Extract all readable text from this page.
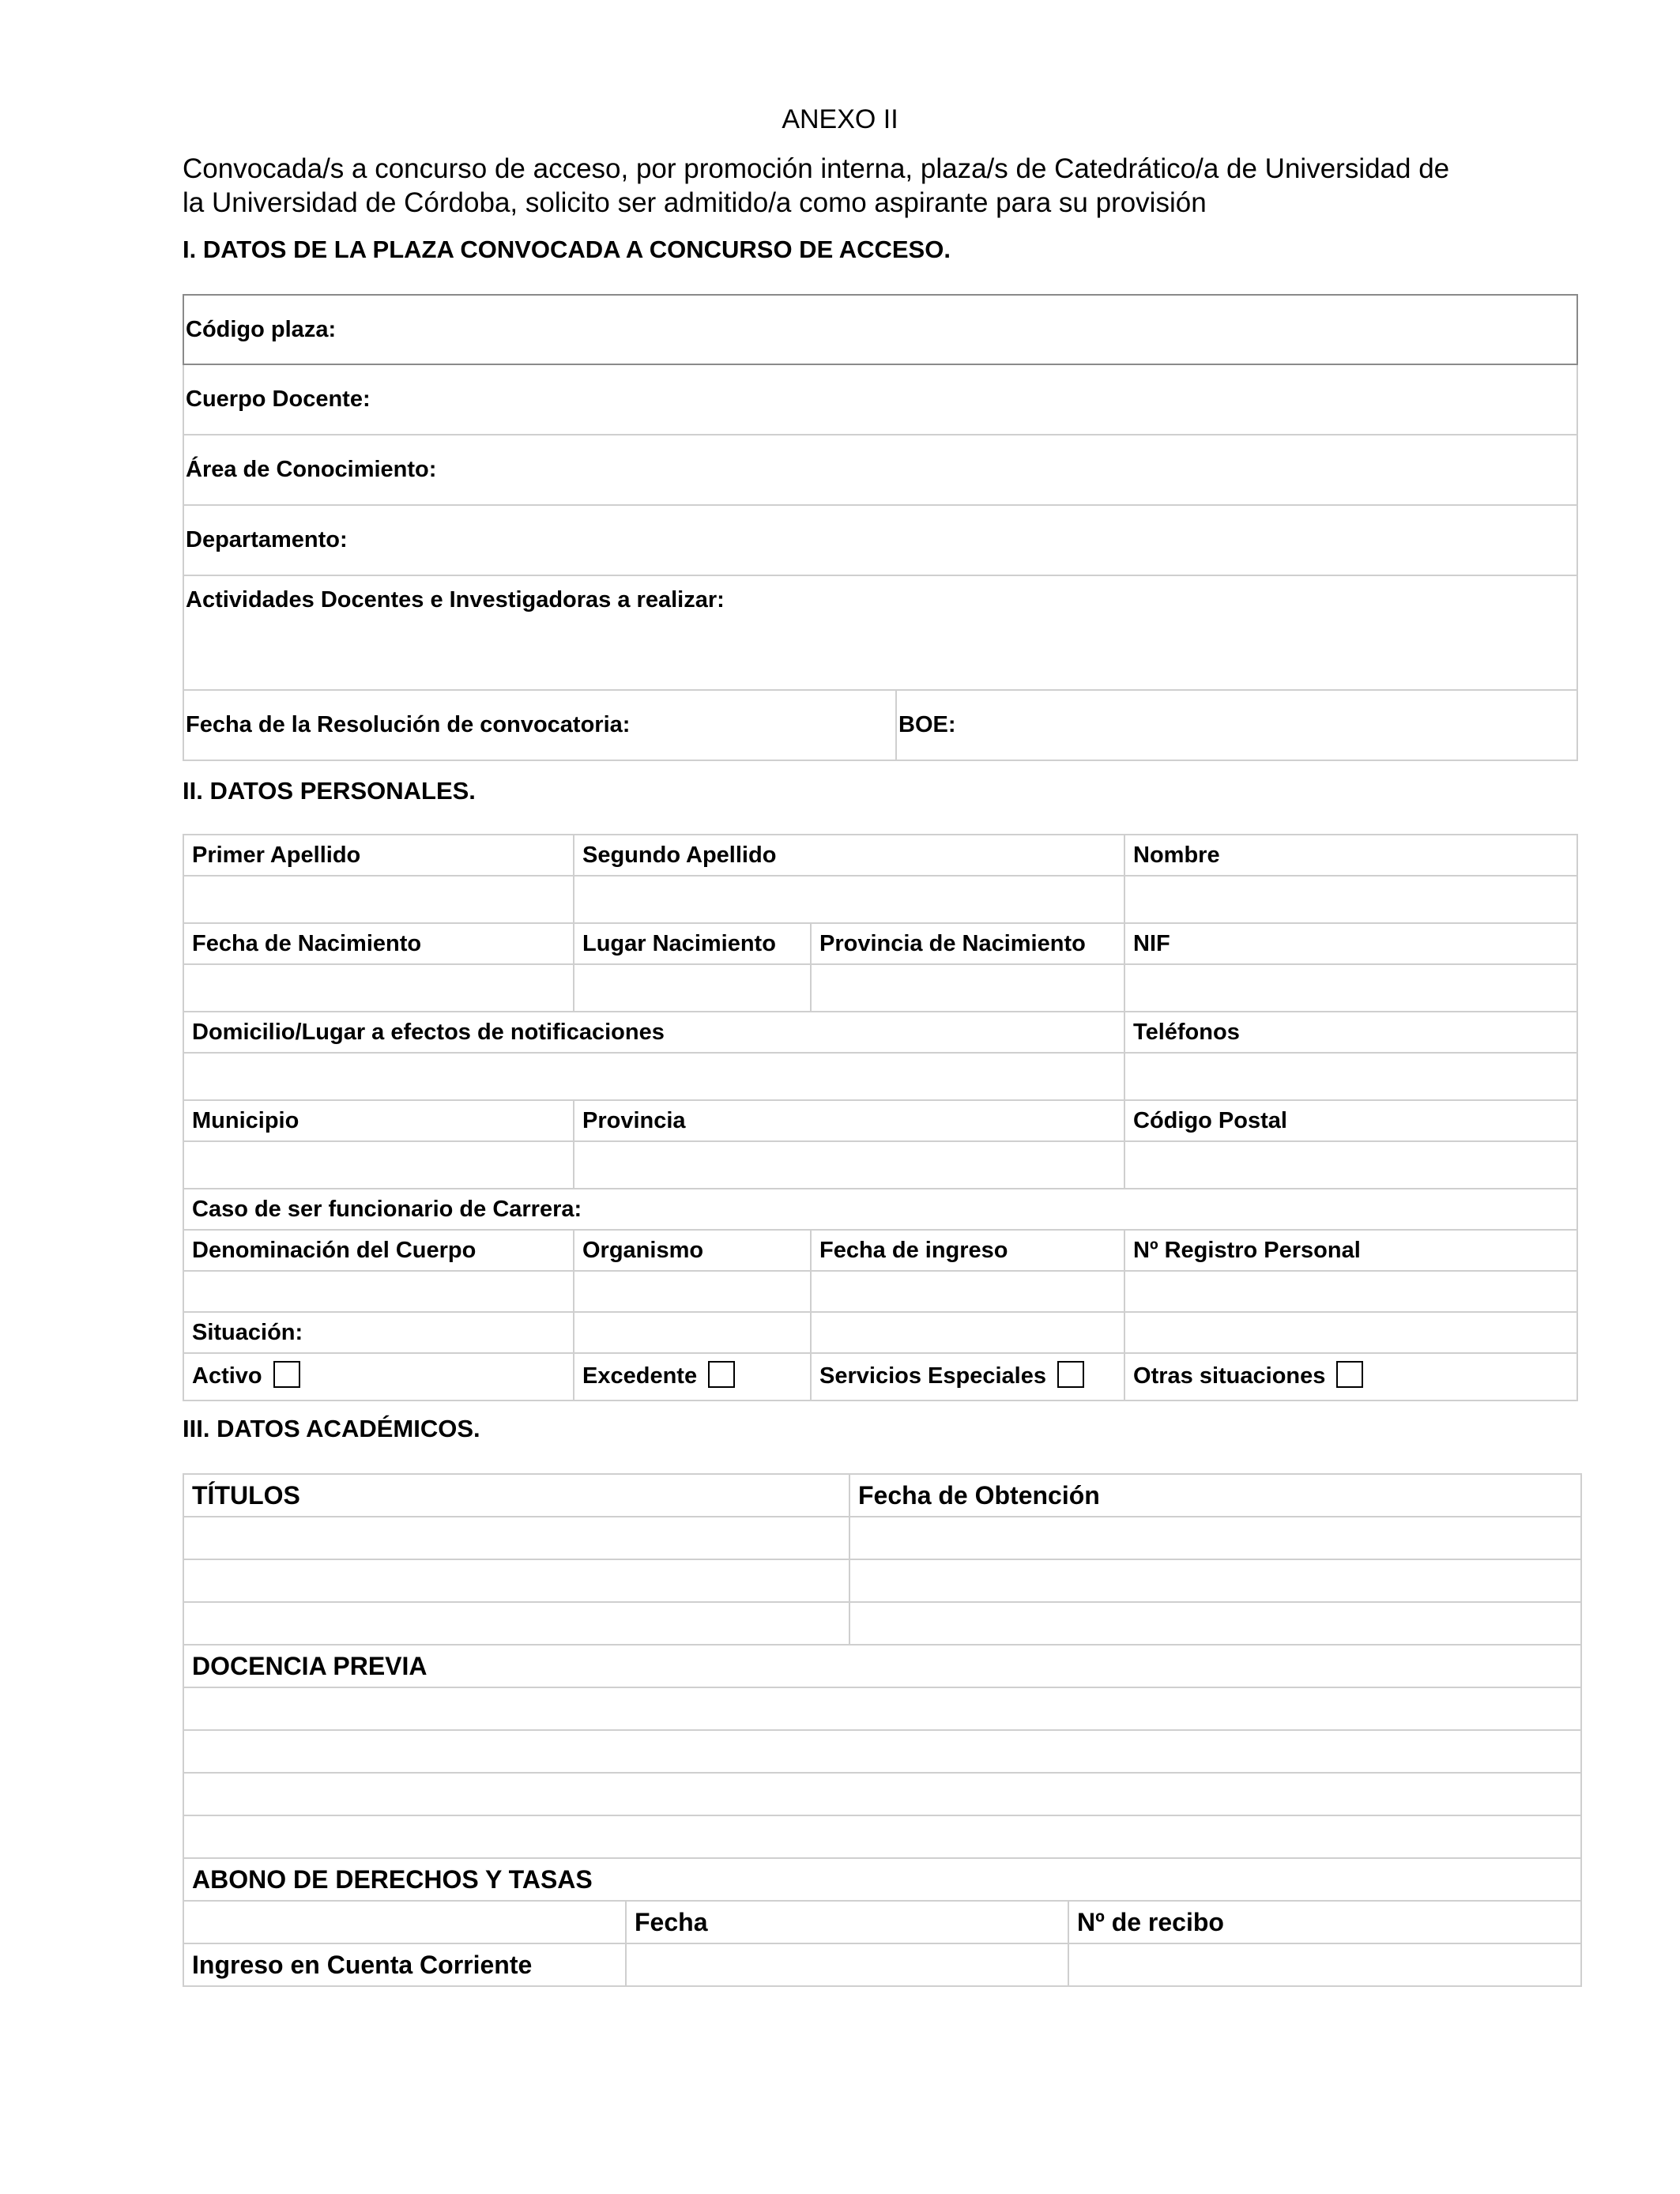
ANEXO II
Convocada/s a concurso de acceso, por promoción interna, plaza/s de Catedrático/a de Universidad de
la Universidad de Córdoba, solicito ser admitido/a como aspirante para su provisión
I. DATOS DE LA PLAZA CONVOCADA A CONCURSO DE ACCESO.
Código plaza:
Cuerpo Docente:
Área de Conocimiento:
Departamento:
Actividades Docentes e Investigadoras a realizar:
Fecha de la Resolución de convocatoria:	BOE:
II. DATOS PERSONALES.
Primer Apellido	Segundo Apellido		Nombre

Fecha de Nacimiento	Lugar Nacimiento	Provincia de Nacimiento	NIF

Domicilio/Lugar a efectos de notificaciones			Teléfonos

Municipio	Provincia		Código Postal

Caso de ser funcionario de Carrera:			
Denominación del Cuerpo	Organismo	Fecha de ingreso	Nº Registro Personal

Situación:			
Activo	Excedente	Servicios Especiales	Otras situaciones
III. DATOS ACADÉMICOS.
TÍTULOS		Fecha de Obtención	

DOCENCIA PREVIA			

ABONO DE DERECHOS Y TASAS			
	Fecha		Nº de recibo
Ingreso en Cuenta Corriente			
